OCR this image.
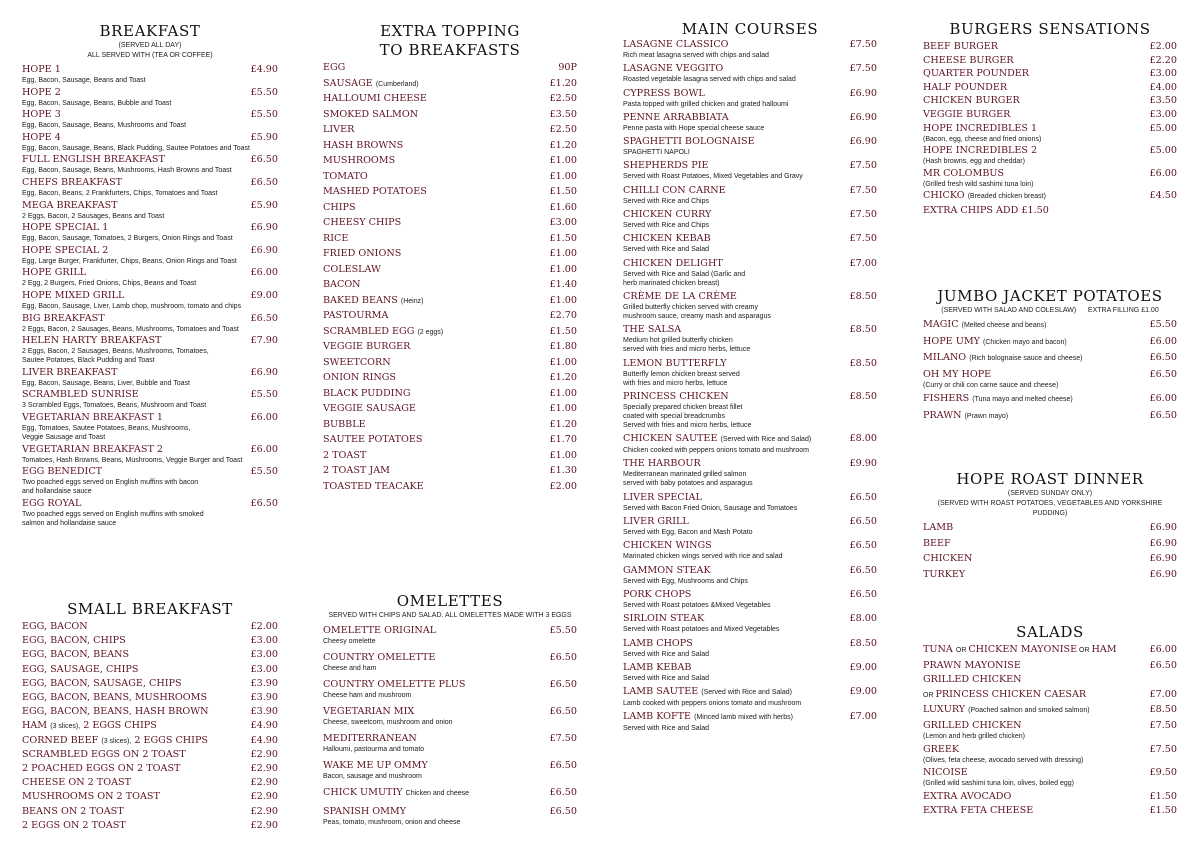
BREAKFAST
(SERVED ALL DAY)
ALL SERVED WITH (TEA OR COFFEE)
HOPE 1	£4.90
Egg, Bacon, Sausage, Beans and Toast
HOPE 2	£5.50
Egg, Bacon, Sausage, Beans, Bubble and Toast
HOPE 3	£5.50
Egg, Bacon, Sausage, Beans, Mushrooms and Toast
HOPE 4	£5.90
Egg, Bacon, Sausage, Beans, Black Pudding, Sautee Potatoes and Toast
FULL ENGLISH BREAKFAST	£6.50
Egg, Bacon, Sausage, Beans, Mushrooms, Hash Browns and Toast
CHEFS BREAKFAST	£6.50
Egg, Bacon, Beans, 2 Frankfurters, Chips, Tomatoes and Toast
MEGA BREAKFAST	£5.90
2 Eggs, Bacon, 2 Sausages, Beans and Toast
HOPE SPECIAL 1	£6.90
Egg, Bacon, Sausage, Tomatoes, 2 Burgers, Onion Rings and Toast
HOPE SPECIAL 2	£6.90
Egg, Large Burger, Frankfurter, Chips, Beans, Onion Rings and Toast
HOPE GRILL	£6.00
2 Egg, 2 Burgers, Fried Onions, Chips, Beans and Toast
HOPE MIXED GRILL	£9.00
Egg, Bacon, Sausage, Liver, Lamb chop, mushroom, tomato and chips
BIG BREAKFAST	£6.50
2 Eggs, Bacon, 2 Sausages, Beans, Mushrooms, Tomatoes and Toast
HELEN HARTY BREAKFAST	£7.90
2 Eggs, Bacon, 2 Sausages, Beans, Mushrooms, Tomatoes,
Sautee Potatoes, Black Pudding and Toast
LIVER BREAKFAST	£6.90
Egg, Bacon, Sausage, Beans, Liver, Bubble and Toast
SCRAMBLED SUNRISE	£5.50
3 Scrambled Eggs, Tomatoes, Beans, Mushroom and Toast
VEGETARIAN BREAKFAST 1	£6.00
Egg, Tomatoes, Sautee Potatoes, Beans, Mushrooms,
Veggie Sausage and Toast
VEGETARIAN BREAKFAST 2	£6.00
Tomatoes, Hash Browns, Beans, Mushrooms, Veggie Burger and Toast
EGG BENEDICT	£5.50
Two poached eggs served on English muffins with bacon
and hollandaise sauce
EGG ROYAL	£6.50
Two poached eggs served on English muffins with smoked
salmon and hollandaise sauce
SMALL BREAKFAST
EGG, BACON	£2.00
EGG, BACON, CHIPS	£3.00
EGG, BACON, BEANS	£3.00
EGG, SAUSAGE, CHIPS	£3.00
EGG, BACON, SAUSAGE, CHIPS	£3.90
EGG, BACON, BEANS, MUSHROOMS	£3.90
EGG, BACON, BEANS, HASH BROWN	£3.90
HAM (3 slices), 2 EGGS CHIPS	£4.90
CORNED BEEF (3 slices), 2 EGGS CHIPS	£4.90
SCRAMBLED EGGS ON 2 TOAST	£2.90
2 POACHED EGGS ON 2 TOAST	£2.90
CHEESE ON 2 TOAST	£2.90
MUSHROOMS ON 2 TOAST	£2.90
BEANS ON 2 TOAST	£2.90
2 EGGS ON 2 TOAST	£2.90
EXTRA TOPPING
TO BREAKFASTS
EGG	90P
SAUSAGE (Cumberland)	£1.20
HALLOUMI CHEESE	£2.50
SMOKED SALMON	£3.50
LIVER	£2.50
HASH BROWNS	£1.20
MUSHROOMS	£1.00
TOMATO	£1.00
MASHED POTATOES	£1.50
CHIPS	£1.60
CHEESY CHIPS	£3.00
RICE	£1.50
FRIED ONIONS	£1.00
COLESLAW	£1.00
BACON	£1.40
BAKED BEANS (Heinz)	£1.00
PASTOURMA	£2.70
SCRAMBLED EGG (2 eggs)	£1.50
VEGGIE BURGER	£1.80
SWEETCORN	£1.00
ONION RINGS	£1.20
BLACK PUDDING	£1.00
VEGGIE SAUSAGE	£1.00
BUBBLE	£1.20
SAUTEE POTATOES	£1.70
2 TOAST	£1.00
2 TOAST JAM	£1.30
TOASTED TEACAKE	£2.00
OMELETTES
SERVED WITH CHIPS AND SALAD. ALL OMELETTES MADE WITH 3 EGGS
OMELETTE ORIGINAL	£5.50
Cheesy omelette
COUNTRY OMELETTE	£6.50
Cheese and ham
COUNTRY OMELETTE PLUS	£6.50
Cheese ham and mushroom
VEGETARIAN MIX	£6.50
Cheese, sweetcorn, mushroom and onion
MEDITERRANEAN	£7.50
Halloumi, pastourma and tomato
WAKE ME UP OMMY	£6.50
Bacon, sausage and mushroom
CHICK UMUTIY Chicken and cheese	£6.50
SPANISH OMMY	£6.50
Peas, tomato, mushroom, onion and cheese
MAIN COURSES
LASAGNE CLASSICO	£7.50
Rich meat lasagna served with chips and salad
LASAGNE VEGGITO	£7.50
Roasted vegetable lasagna served with chips and salad
CYPRESS BOWL	£6.90
Pasta topped with grilled chicken and grated halloumi
PENNE ARRABBIATA	£6.90
Penne pasta with Hope special cheese sauce
SPAGHETTI BOLOGNAISE	£6.90
SPAGHETTI NAPOLI
SHEPHERDS PIE	£7.50
Served with Roast Potatoes, Mixed Vegetables and Gravy
CHILLI CON CARNE	£7.50
Served with Rice and Chips
CHICKEN CURRY	£7.50
Served with Rice and Chips
CHICKEN KEBAB	£7.50
Served with Rice and Salad
CHICKEN DELIGHT	£7.00
Served with Rice and Salad (Garlic and
herb marinated chicken breast)
CRÈME DE LA CRÈME	£8.50
Grilled butterfly chicken served with creamy
mushroom sauce, creamy mash and asparagus
THE SALSA	£8.50
Medium hot grilled butterfly chicken
served with fries and micro herbs, lettuce
LEMON BUTTERFLY	£8.50
Butterfly lemon chicken breast served
with fries and micro herbs, lettuce
PRINCESS CHICKEN	£8.50
Specially prepared chicken breast fillet
coated with special breadcrumbs
Served with fries and micro herbs, lettuce
CHICKEN SAUTEE (Served with Rice and Salad)	£8.00
Chicken cooked with peppers onions tomato and mushroom
THE HARBOUR	£9.90
Mediterranean marinated grilled salmon
served with baby potatoes and asparagus
LIVER SPECIAL	£6.50
Served with Bacon Fried Onion, Sausage and Tomatoes
LIVER GRILL	£6.50
Served with Egg, Bacon and Mash Potato
CHICKEN WINGS	£6.50
Marinated chicken wings served with rice and salad
GAMMON STEAK	£6.50
Served with Egg, Mushrooms and Chips
PORK CHOPS	£6.50
Served with Roast potatoes &Mixed Vegetables
SIRLOIN STEAK	£8.00
Served with Roast potatoes and Mixed Vegetables
LAMB CHOPS	£8.50
Served with Rice and Salad
LAMB KEBAB	£9.00
Served with Rice and Salad
LAMB SAUTEE (Served with Rice and Salad)	£9.00
Lamb cooked with peppers onions tomato and mushroom
LAMB KOFTE (Minced lamb mixed with herbs)	£7.00
Served with Rice and Salad
BURGERS SENSATIONS
BEEF BURGER	£2.00
CHEESE BURGER	£2.20
QUARTER POUNDER	£3.00
HALF POUNDER	£4.00
CHICKEN BURGER	£3.50
VEGGIE BURGER	£3.00
HOPE INCREDIBLES 1	£5.00
(Bacon, egg, cheese and fried onions)
HOPE INCREDIBLES 2	£5.00
(Hash browns, egg and cheddar)
MR COLOMBUS	£6.00
(Grilled fresh wild sashimi tuna loin)
CHICKO (Breaded chicken breast)	£4.50
EXTRA CHIPS ADD £1.50
JUMBO JACKET POTATOES
(SERVED WITH SALAD AND COLESLAW)      EXTRA FILLING £1.00
MAGIC (Melted cheese and beans)	£5.50
HOPE UMY (Chicken mayo and bacon)	£6.00
MILANO (Rich bolognaise sauce and cheese)	£6.50
OH MY HOPE	£6.50
(Curry or chili con carne sauce and cheese)
FISHERS (Tuna mayo and melted cheese)	£6.00
PRAWN (Prawn mayo)	£6.50
HOPE ROAST DINNER
(SERVED SUNDAY ONLY)
(SERVED WITH ROAST POTATOES, VEGETABLES AND YORKSHIRE PUDDING)
LAMB	£6.90
BEEF	£6.90
CHICKEN	£6.90
TURKEY	£6.90
SALADS
TUNA OR CHICKEN MAYONISE OR HAM	£6.00
PRAWN MAYONISE	£6.50
GRILLED CHICKEN
OR PRINCESS CHICKEN CAESAR	£7.00
LUXURY (Poached salmon and smoked salmon)	£8.50
GRILLED CHICKEN	£7.50
(Lemon and herb grilled chicken)
GREEK	£7.50
(Olives, feta cheese, avocado served with dressing)
NICOISE	£9.50
(Grilled wild sashimi tuna loin, olives, boiled egg)
EXTRA AVOCADO	£1.50
EXTRA FETA CHEESE	£1.50
